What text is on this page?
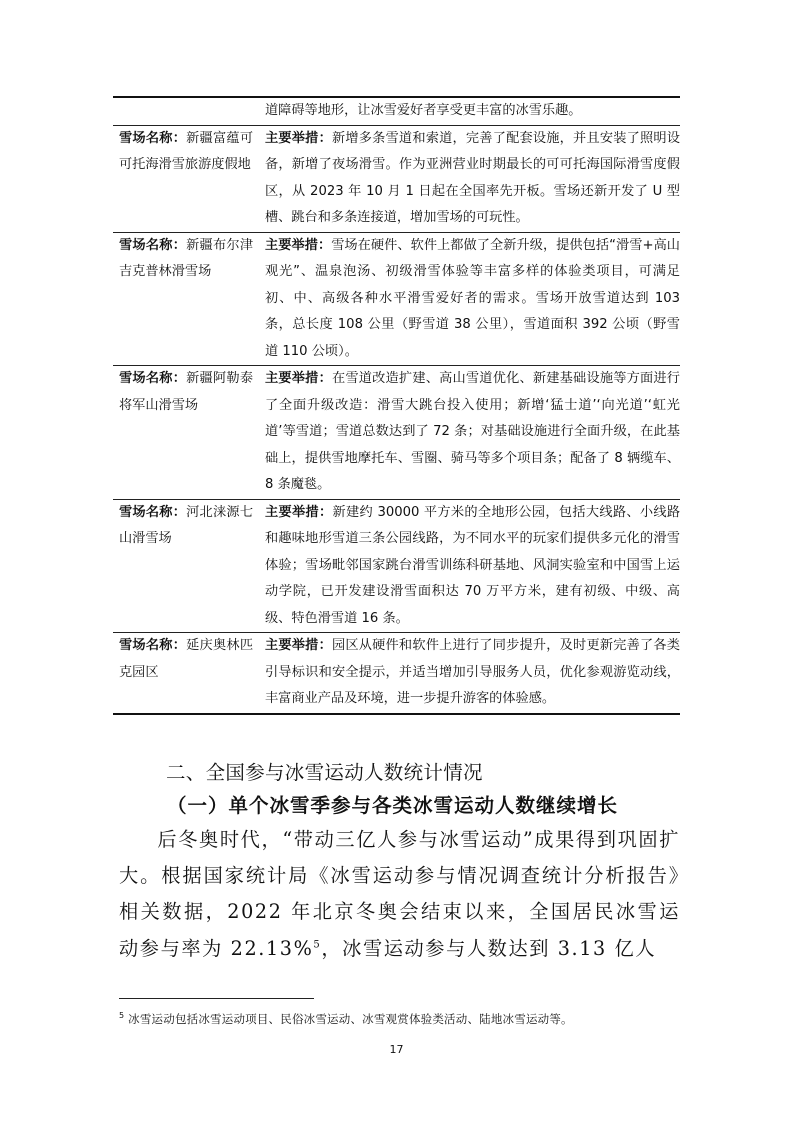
	道障碍等地形，让冰雪爱好者享受更丰富的冰雪乐趣。
雪场名称：新疆富蕴可可托海滑雪旅游度假地	主要举措：新增多条雪道和索道，完善了配套设施，并且安装了照明设备，新增了夜场滑雪。作为亚洲营业时期最长的可可托海国际滑雪度假区，从 2023 年 10 月 1 日起在全国率先开板。雪场还新开发了 U 型槽、跳台和多条连接道，增加雪场的可玩性。
雪场名称：新疆布尔津吉克普林滑雪场	主要举措：雪场在硬件、软件上都做了全新升级，提供包括“滑雪+高山观光”、温泉泡汤、初级滑雪体验等丰富多样的体验类项目，可满足初、中、高级各种水平滑雪爱好者的需求。雪场开放雪道达到 103 条，总长度 108 公里（野雪道 38 公里），雪道面积 392 公顷（野雪道 110 公顷）。
雪场名称：新疆阿勒泰将军山滑雪场	主要举措：在雪道改造扩建、高山雪道优化、新建基础设施等方面进行了全面升级改造：滑雪大跳台投入使用；新增‘猛士道’‘向光道’‘虹光道’等雪道；雪道总数达到了 72 条；对基础设施进行全面升级，在此基础上，提供雪地摩托车、雪圈、骑马等多个项目条；配备了 8 辆缆车、8 条魔毯。
雪场名称：河北涞源七山滑雪场	主要举措：新建约 30000 平方米的全地形公园，包括大线路、小线路和趣味地形雪道三条公园线路，为不同水平的玩家们提供多元化的滑雪体验；雪场毗邻国家跳台滑雪训练科研基地、风洞实验室和中国雪上运动学院，已开发建设滑雪面积达 70 万平方米，建有初级、中级、高级、特色滑雪道 16 条。
雪场名称：延庆奥林匹克园区	主要举措：园区从硬件和软件上进行了同步提升，及时更新完善了各类引导标识和安全提示，并适当增加引导服务人员，优化参观游览动线，丰富商业产品及环境，进一步提升游客的体验感。
二、全国参与冰雪运动人数统计情况
（一）单个冰雪季参与各类冰雪运动人数继续增长

后冬奥时代，“带动三亿人参与冰雪运动”成果得到巩固扩大。根据国家统计局《冰雪运动参与情况调查统计分析报告》相关数据，2022 年北京冬奥会结束以来，全国居民冰雪运动参与率为 22.13%$^5$，冰雪运动参与人数达到 3.13 亿人

$^5$ 冰雪运动包括冰雪运动项目、民俗冰雪运动、冰雪观赏体验类活动、陆地冰雪运动等。

17
